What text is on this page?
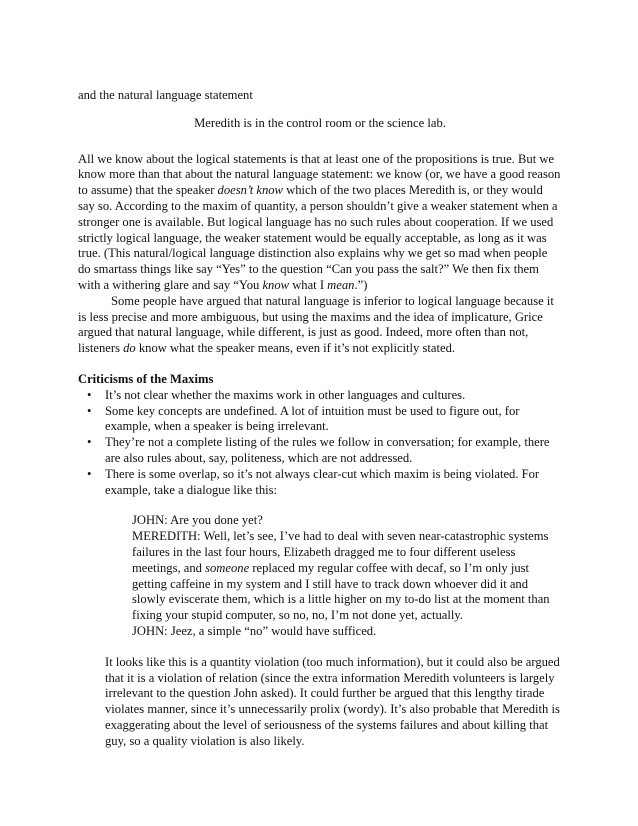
and the natural language statement

Meredith is in the control room or the science lab.

All we know about the logical statements is that at least one of the propositions is true. But we know more than that about the natural language statement: we know (or, we have a good reason to assume) that the speaker doesn’t know which of the two places Meredith is, or they would say so. According to the maxim of quantity, a person shouldn’t give a weaker statement when a stronger one is available. But logical language has no such rules about cooperation. If we used strictly logical language, the weaker statement would be equally acceptable, as long as it was true. (This natural/logical language distinction also explains why we get so mad when people do smartass things like say “Yes” to the question “Can you pass the salt?” We then fix them with a withering glare and say “You know what I mean.”)

Some people have argued that natural language is inferior to logical language because it is less precise and more ambiguous, but using the maxims and the idea of implicature, Grice argued that natural language, while different, is just as good. Indeed, more often than not, listeners do know what the speaker means, even if it’s not explicitly stated.

Criticisms of the Maxims

• It’s not clear whether the maxims work in other languages and cultures.
• Some key concepts are undefined. A lot of intuition must be used to figure out, for example, when a speaker is being irrelevant.
• They’re not a complete listing of the rules we follow in conversation; for example, there are also rules about, say, politeness, which are not addressed.
• There is some overlap, so it’s not always clear-cut which maxim is being violated. For example, take a dialogue like this:

JOHN: Are you done yet?

MEREDITH: Well, let’s see, I’ve had to deal with seven near-catastrophic systems failures in the last four hours, Elizabeth dragged me to four different useless meetings, and someone replaced my regular coffee with decaf, so I’m only just getting caffeine in my system and I still have to track down whoever did it and slowly eviscerate them, which is a little higher on my to-do list at the moment than fixing your stupid computer, so no, no, I’m not done yet, actually.

JOHN: Jeez, a simple “no” would have sufficed.

It looks like this is a quantity violation (too much information), but it could also be argued that it is a violation of relation (since the extra information Meredith volunteers is largely irrelevant to the question John asked). It could further be argued that this lengthy tirade violates manner, since it’s unnecessarily prolix (wordy). It’s also probable that Meredith is exaggerating about the level of seriousness of the systems failures and about killing that guy, so a quality violation is also likely.
